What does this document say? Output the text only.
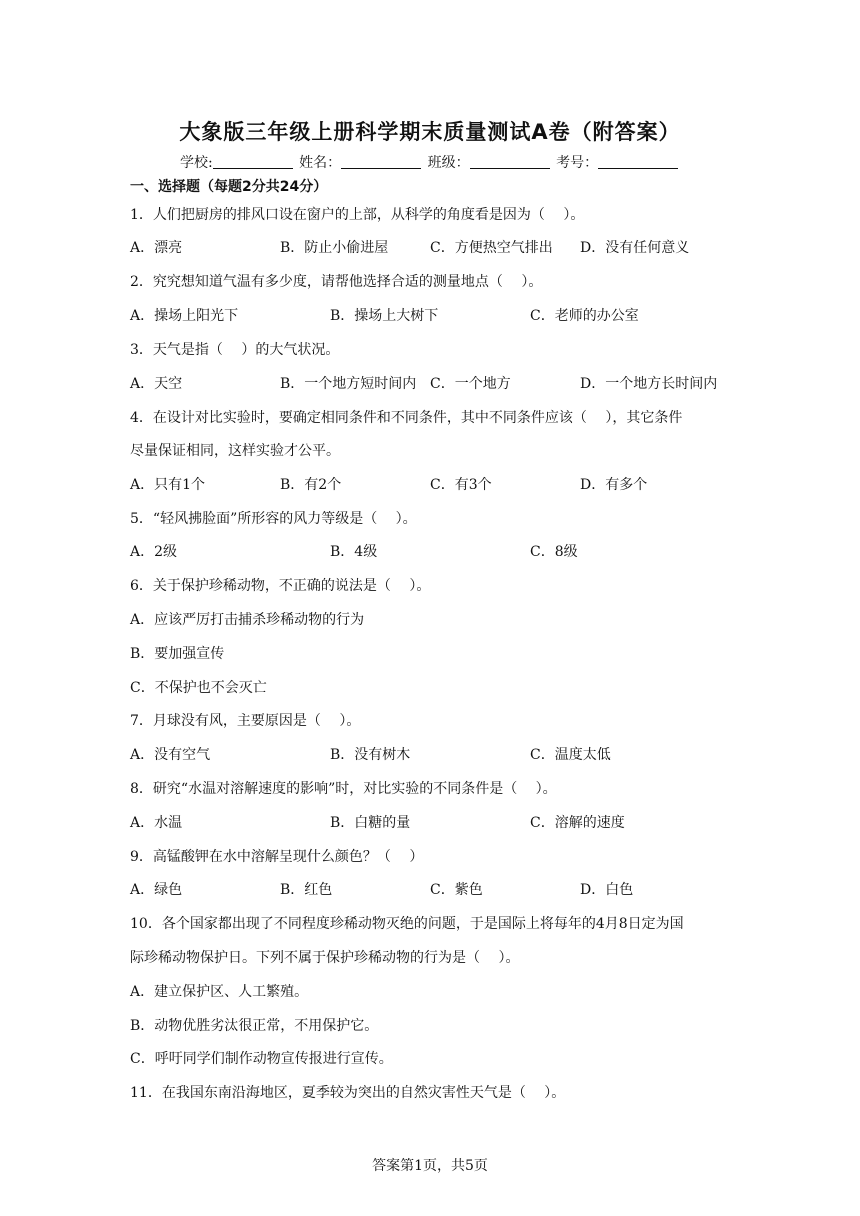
大象版三年级上册科学期末质量测试A卷（附答案）
学校:	姓名：	班级：	考号：
一、选择题（每题2分共24分）
1．人们把厨房的排风口设在窗户的上部，从科学的角度看是因为（　 ）。
A．漂亮	B．防止小偷进屋	C．方便热空气排出 D．没有任何意义
2．究究想知道气温有多少度，请帮他选择合适的测量地点（　 ）。
A．操场上阳光下	B．操场上大树下	C．老师的办公室
3．天气是指（　 ）的大气状况。
A．天空	B．一个地方短时间内 C．一个地方	D．一个地方长时间内
4．在设计对比实验时，要确定相同条件和不同条件，其中不同条件应该（　 ），其它条件
尽量保证相同，这样实验才公平。
A．只有1个	B．有2个	C．有3个	D．有多个
5．“轻风拂脸面”所形容的风力等级是（　 ）。
A．2级	B．4级	C．8级
6．关于保护珍稀动物，不正确的说法是（　 ）。
A．应该严厉打击捕杀珍稀动物的行为
B．要加强宣传
C．不保护也不会灭亡
7．月球没有风，主要原因是（　 ）。
A．没有空气	B．没有树木	C．温度太低
8．研究“水温对溶解速度的影响”时，对比实验的不同条件是（　 ）。
A．水温	B．白糖的量	C．溶解的速度
9．高锰酸钾在水中溶解呈现什么颜色？（　 ）
A．绿色	B．红色	C．紫色	D．白色
10．各个国家都出现了不同程度珍稀动物灭绝的问题，于是国际上将每年的4月8日定为国
际珍稀动物保护日。下列不属于保护珍稀动物的行为是（　 ）。
A．建立保护区、人工繁殖。
B．动物优胜劣汰很正常，不用保护它。
C．呼吁同学们制作动物宣传报进行宣传。
11．在我国东南沿海地区，夏季较为突出的自然灾害性天气是（　 ）。
答案第1页，共5页
